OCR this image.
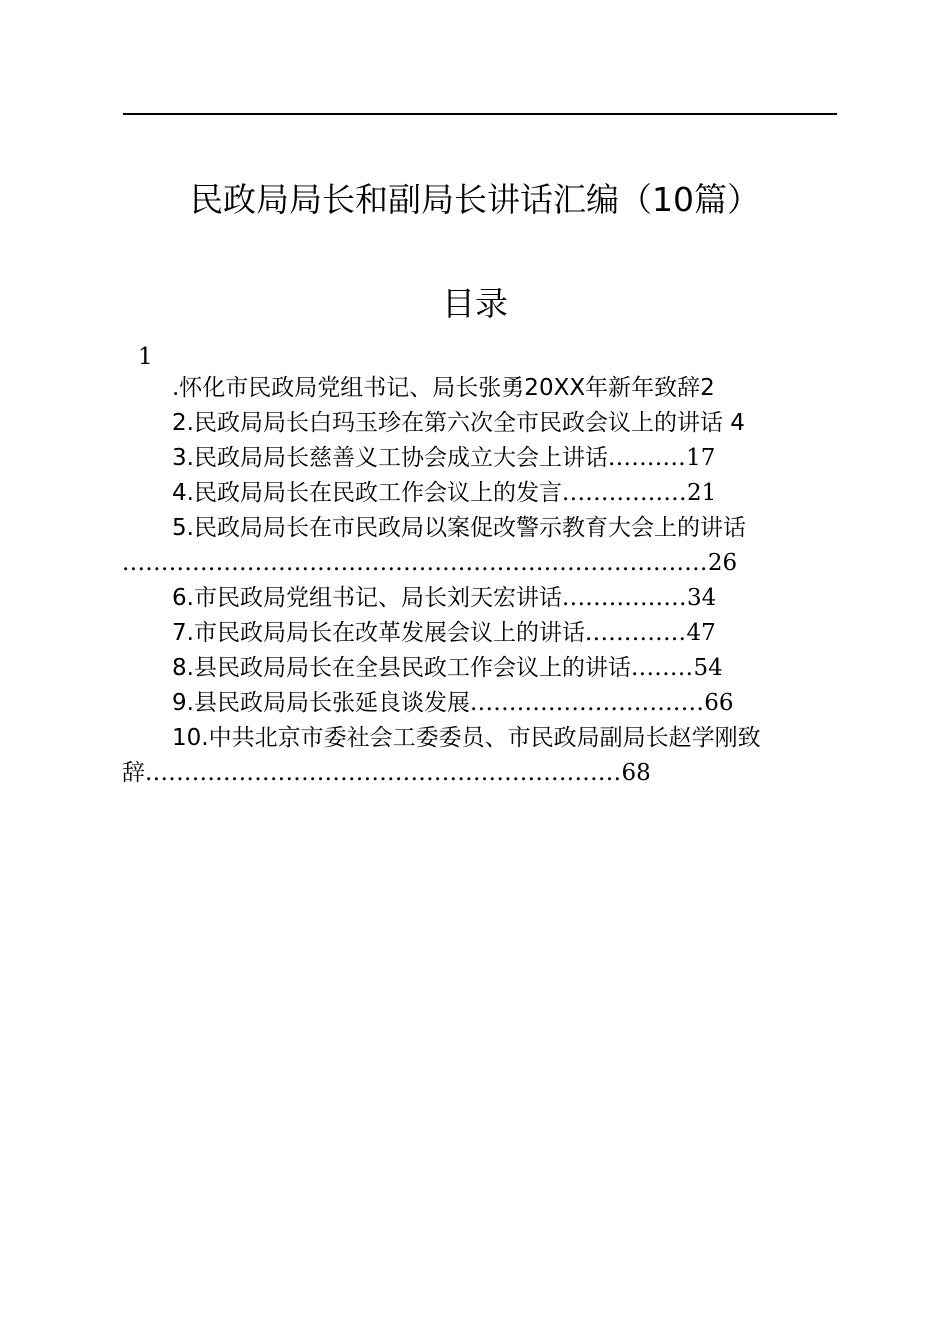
民政局局长和副局长讲话汇编（10篇）
目录
1
.怀化市民政局党组书记、局长张勇20XX年新年致辞2
2.民政局局长白玛玉珍在第六次全市民政会议上的讲话 4
3.民政局局长慈善义工协会成立大会上讲话..........17
4.民政局局长在民政工作会议上的发言................21
5.民政局局长在市民政局以案促改警示教育大会上的讲话
...........................................................................26
6.市民政局党组书记、局长刘天宏讲话................34
7.市民政局局长在改革发展会议上的讲话.............47
8.县民政局局长在全县民政工作会议上的讲话........54
9.县民政局局长张延良谈发展..............................66
10.中共北京市委社会工委委员、市民政局副局长赵学刚致
辞.............................................................68
